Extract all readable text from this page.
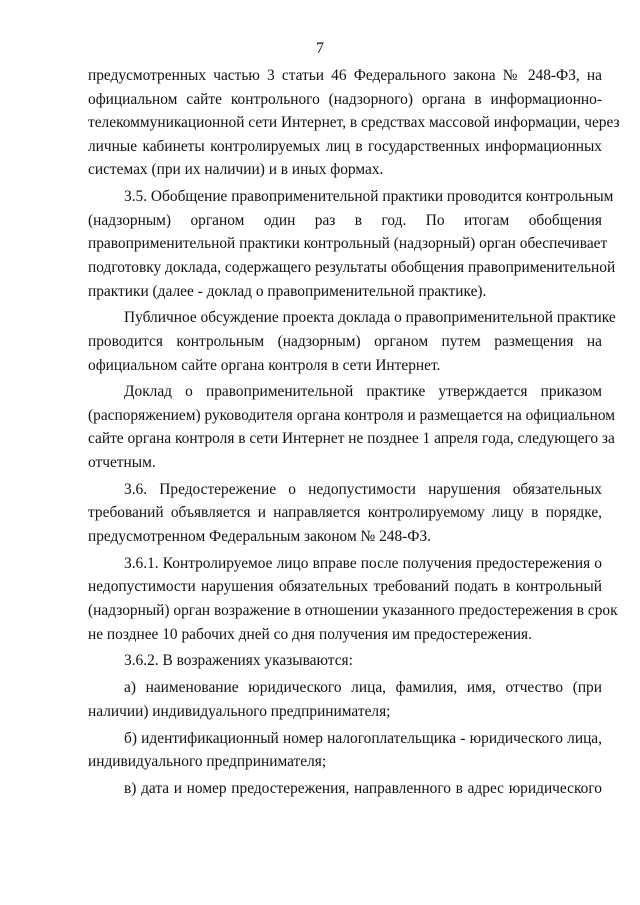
7
предусмотренных частью 3 статьи 46 Федерального закона № 248-ФЗ, на
официальном сайте контрольного (надзорного) органа в информационно-
телекоммуникационной сети Интернет, в средствах массовой информации, через
личные кабинеты контролируемых лиц в государственных информационных
системах (при их наличии) и в иных формах.
3.5. Обобщение правоприменительной практики проводится контрольным
(надзорным) органом один раз в год. По итогам обобщения
правоприменительной практики контрольный (надзорный) орган обеспечивает
подготовку доклада, содержащего результаты обобщения правоприменительной
практики (далее - доклад о правоприменительной практике).
Публичное обсуждение проекта доклада о правоприменительной практике
проводится контрольным (надзорным) органом путем размещения на
официальном сайте органа контроля в сети Интернет.
Доклад о правоприменительной практике утверждается приказом
(распоряжением) руководителя органа контроля и размещается на официальном
сайте органа контроля в сети Интернет не позднее 1 апреля года, следующего за
отчетным.
3.6. Предостережение о недопустимости нарушения обязательных
требований объявляется и направляется контролируемому лицу в порядке,
предусмотренном Федеральным законом № 248-ФЗ.
3.6.1. Контролируемое лицо вправе после получения предостережения о
недопустимости нарушения обязательных требований подать в контрольный
(надзорный) орган возражение в отношении указанного предостережения в срок
не позднее 10 рабочих дней со дня получения им предостережения.
3.6.2. В возражениях указываются:
а) наименование юридического лица, фамилия, имя, отчество (при
наличии) индивидуального предпринимателя;
б) идентификационный номер налогоплательщика - юридического лица,
индивидуального предпринимателя;
в) дата и номер предостережения, направленного в адрес юридического
